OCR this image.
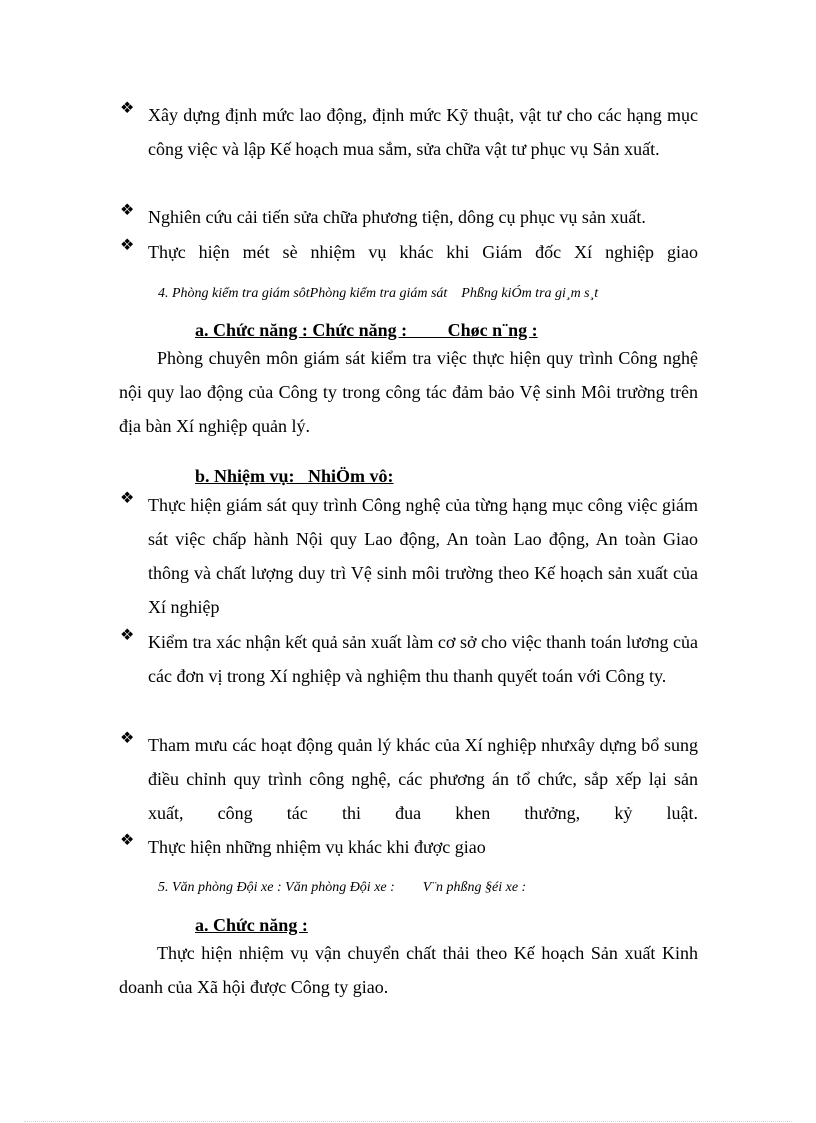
❖ Xây dựng định mức lao động, định mức Kỹ thuật, vật tư cho các hạng mục công việc và lập Kế hoạch mua sắm, sửa chữa vật tư phục vụ Sản xuất.
❖ Nghiên cứu cải tiến sửa chữa phương tiện, dông cụ phục vụ sản xuất.
❖ Thực hiện mét sè nhiệm vụ khác khi Giám đốc Xí nghiệp giao
4. Phòng kiểm tra giám sôtPhòng kiểm tra giám sát    Phßng kiÓm tra gi¸m s¸t
a. Chức năng : Chức năng :         Chøc n¨ng :
Phòng chuyên môn giám sát kiểm tra việc thực hiện quy trình Công nghệ nội quy lao động của Công ty trong công tác đảm bảo Vệ sinh Môi trường trên địa bàn Xí nghiệp quản lý.
b. Nhiệm vụ:   NhiÖm vô:
❖ Thực hiện giám sát quy trình Công nghệ của từng hạng mục công việc giám sát việc chấp hành Nội quy Lao động, An toàn Lao động, An toàn Giao thông và chất lượng duy trì Vệ sinh môi trường theo Kế hoạch sản xuất của Xí nghiệp
❖ Kiểm tra xác nhận kết quả sản xuất làm cơ sở cho việc thanh toán lương của các đơn vị trong Xí nghiệp và nghiệm thu thanh quyết toán với Công ty.
❖ Tham mưu các hoạt động quản lý khác của Xí nghiệp nhưxây dựng bổ sung điều chỉnh quy trình công nghệ, các phương án tổ chức, sắp xếp lại sản xuất, công tác thi đua khen thưởng, kỷ luật.
❖ Thực hiện những nhiệm vụ khác khi được giao
5. Văn phòng Đội xe : Văn phòng Đội xe :        V¨n phßng §éi xe :
a. Chức năng :
Thực hiện nhiệm vụ vận chuyển chất thải theo Kế hoạch Sản xuất Kinh doanh của Xã hội được Công ty giao.
